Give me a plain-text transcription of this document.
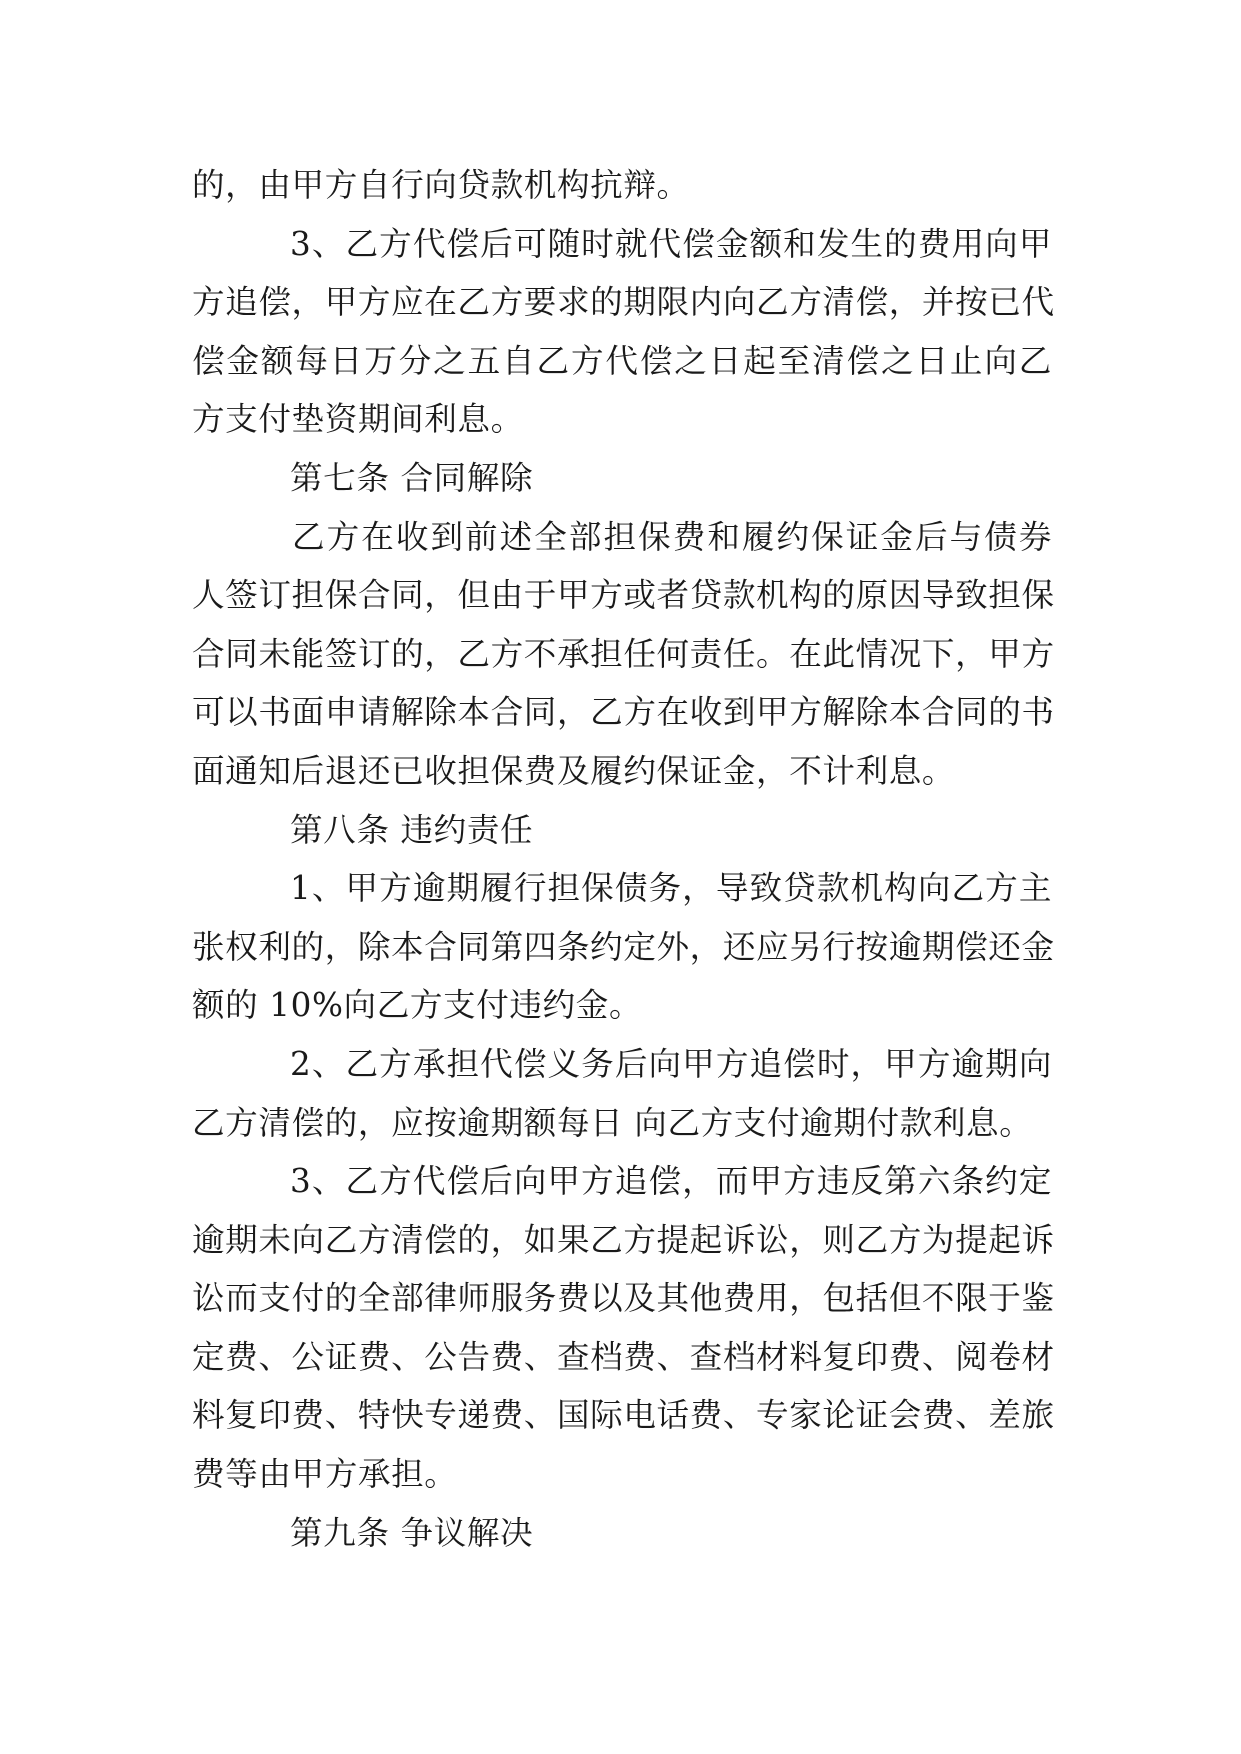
的，由甲方自行向贷款机构抗辩。
3、乙方代偿后可随时就代偿金额和发生的费用向甲
方追偿，甲方应在乙方要求的期限内向乙方清偿，并按已代
偿金额每日万分之五自乙方代偿之日起至清偿之日止向乙
方支付垫资期间利息。
第七条 合同解除
乙方在收到前述全部担保费和履约保证金后与债券
人签订担保合同，但由于甲方或者贷款机构的原因导致担保
合同未能签订的，乙方不承担任何责任。在此情况下，甲方
可以书面申请解除本合同，乙方在收到甲方解除本合同的书
面通知后退还已收担保费及履约保证金，不计利息。
第八条 违约责任
1、甲方逾期履行担保债务，导致贷款机构向乙方主
张权利的，除本合同第四条约定外，还应另行按逾期偿还金
额的 10%向乙方支付违约金。
2、乙方承担代偿义务后向甲方追偿时，甲方逾期向
乙方清偿的，应按逾期额每日 向乙方支付逾期付款利息。
3、乙方代偿后向甲方追偿，而甲方违反第六条约定
逾期未向乙方清偿的，如果乙方提起诉讼，则乙方为提起诉
讼而支付的全部律师服务费以及其他费用，包括但不限于鉴
定费、公证费、公告费、查档费、查档材料复印费、阅卷材
料复印费、特快专递费、国际电话费、专家论证会费、差旅
费等由甲方承担。
第九条 争议解决
